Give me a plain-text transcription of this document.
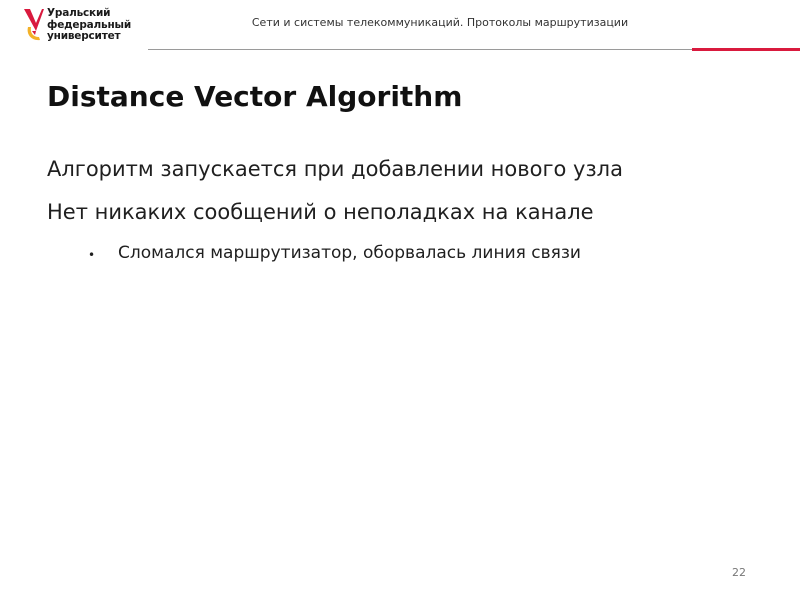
Уральский
федеральный
университет
Сети и системы телекоммуникаций. Протоколы маршрутизации
Distance Vector Algorithm
Алгоритм запускается при добавлении нового узла
Нет никаких сообщений о неполадках на канале
• Сломался маршрутизатор, оборвалась линия связи
22
